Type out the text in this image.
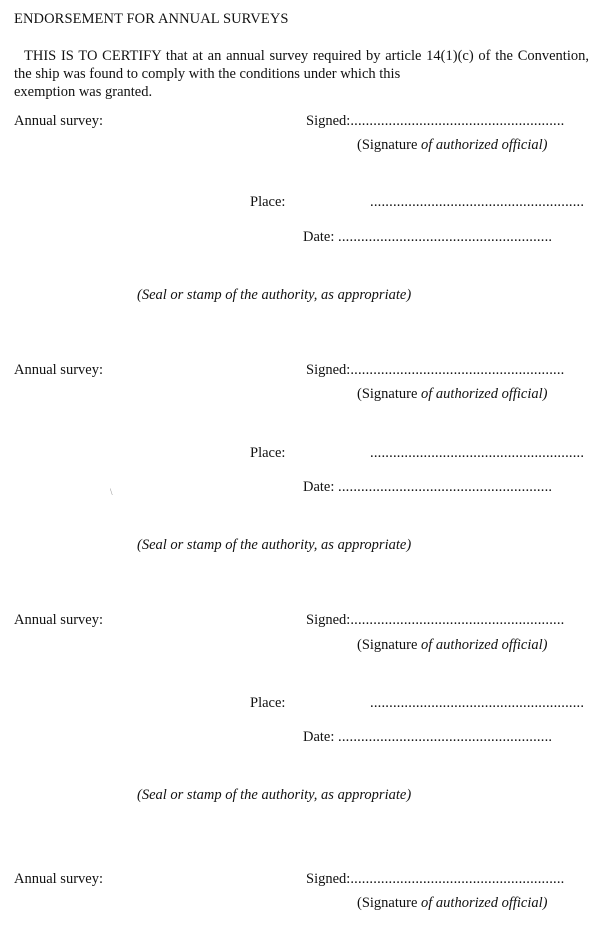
ENDORSEMENT FOR ANNUAL SURVEYS
THIS IS TO CERTIFY that at an annual survey required by article 14(1)(c) of the Convention, the ship was found to comply with the conditions under which this
exemption was granted.
Annual survey:	Signed:........................................................
(Signature of authorized official)
Place:	........................................................
Date: ........................................................
(Seal or stamp of the authority, as appropriate)
Annual survey:	Signed:........................................................
(Signature of authorized official)
Place:	........................................................
\	Date: ........................................................
(Seal or stamp of the authority, as appropriate)
Annual survey:	Signed:........................................................
(Signature of authorized official)
Place:	........................................................
Date: ........................................................
(Seal or stamp of the authority, as appropriate)
Annual survey:	Signed:........................................................
(Signature of authorized official)
